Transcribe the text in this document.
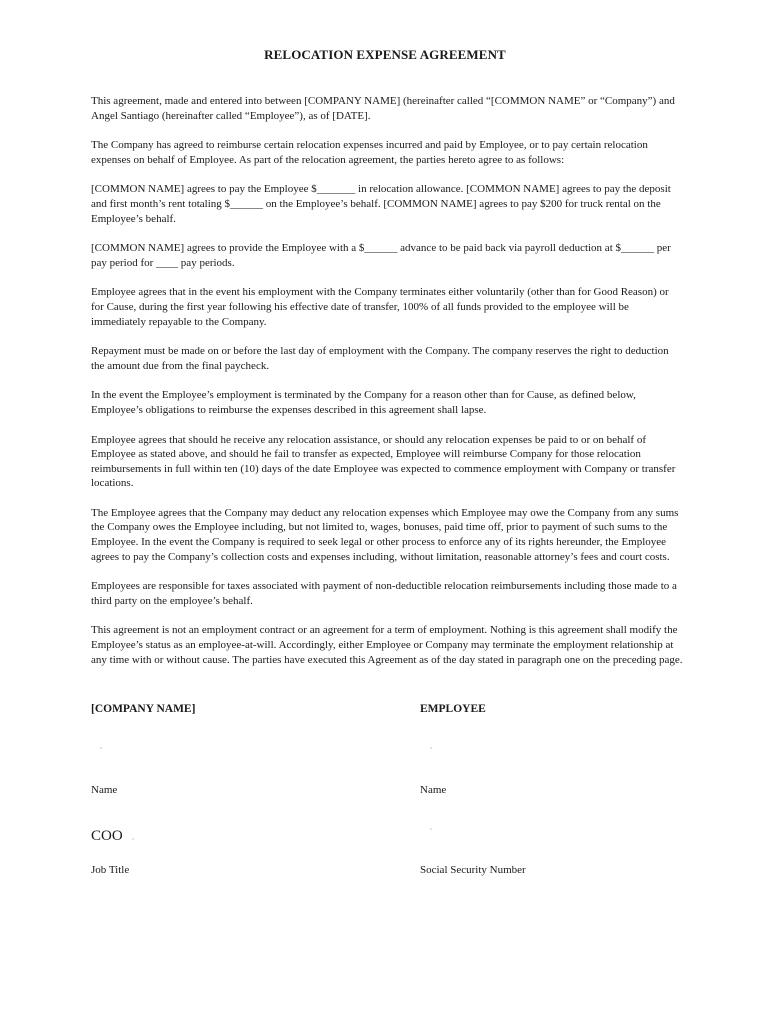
RELOCATION EXPENSE AGREEMENT

This agreement, made and entered into between [COMPANY NAME] (hereinafter called “[COMMON NAME” or “Company”) and Angel Santiago (hereinafter called “Employee”), as of [DATE].

The Company has agreed to reimburse certain relocation expenses incurred and paid by Employee, or to pay certain relocation expenses on behalf of Employee. As part of the relocation agreement, the parties hereto agree to as follows:

[COMMON NAME] agrees to pay the Employee $_______ in relocation allowance. [COMMON NAME] agrees to pay the deposit and first month’s rent totaling $______ on the Employee’s behalf. [COMMON NAME] agrees to pay $200 for truck rental on the Employee’s behalf.

[COMMON NAME] agrees to provide the Employee with a $______ advance to be paid back via payroll deduction at $______ per pay period for ____ pay periods.

Employee agrees that in the event his employment with the Company terminates either voluntarily (other than for Good Reason) or for Cause, during the first year following his effective date of transfer, 100% of all funds provided to the employee will be immediately repayable to the Company.

Repayment must be made on or before the last day of employment with the Company. The company reserves the right to deduction the amount due from the final paycheck.

In the event the Employee’s employment is terminated by the Company for a reason other than for Cause, as defined below, Employee’s obligations to reimburse the expenses described in this agreement shall lapse.

Employee agrees that should he receive any relocation assistance, or should any relocation expenses be paid to or on behalf of Employee as stated above, and should he fail to transfer as expected, Employee will reimburse Company for those relocation reimbursements in full within ten (10) days of the date Employee was expected to commence employment with Company or transfer locations.

The Employee agrees that the Company may deduct any relocation expenses which Employee may owe the Company from any sums the Company owes the Employee including, but not limited to, wages, bonuses, paid time off, prior to payment of such sums to the Employee. In the event the Company is required to seek legal or other process to enforce any of its rights hereunder, the Employee agrees to pay the Company’s collection costs and expenses including, without limitation, reasonable attorney’s fees and court costs.

Employees are responsible for taxes associated with payment of non-deductible relocation reimbursements including those made to a third party on the employee’s behalf.

This agreement is not an employment contract or an agreement for a term of employment. Nothing is this agreement shall modify the Employee’s status as an employee-at-will. Accordingly, either Employee or Company may terminate the employment relationship at any time with or without cause. The parties have executed this Agreement as of the day stated in paragraph one on the preceding page.

[COMPANY NAME]	EMPLOYEE
Name	Name
COO
Job Title	Social Security Number
